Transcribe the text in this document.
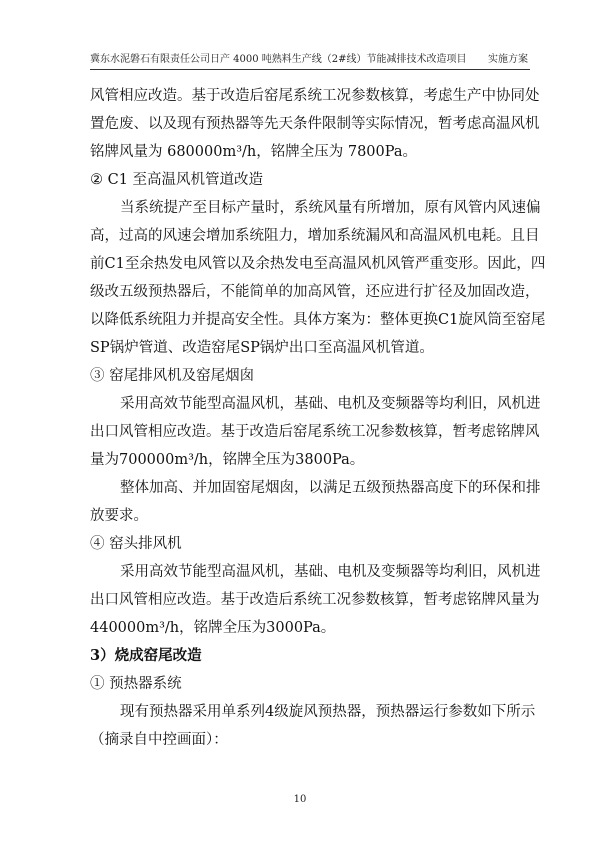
冀东水泥磐石有限责任公司日产 4000 吨熟料生产线（2#线）节能减排技术改造项目 实施方案
风管相应改造。基于改造后窑尾系统工况参数核算，考虑生产中协同处
置危废、以及现有预热器等先天条件限制等实际情况，暂考虑高温风机
铭牌风量为 680000m³/h，铭牌全压为 7800Pa。
② C1 至高温风机管道改造
当系统提产至目标产量时，系统风量有所增加，原有风管内风速偏
高，过高的风速会增加系统阻力，增加系统漏风和高温风机电耗。且目
前C1至余热发电风管以及余热发电至高温风机风管严重变形。因此，四
级改五级预热器后，不能简单的加高风管，还应进行扩径及加固改造，
以降低系统阻力并提高安全性。具体方案为：整体更换C1旋风筒至窑尾
SP锅炉管道、改造窑尾SP锅炉出口至高温风机管道。
③ 窑尾排风机及窑尾烟囱
采用高效节能型高温风机，基础、电机及变频器等均利旧，风机进
出口风管相应改造。基于改造后窑尾系统工况参数核算，暂考虑铭牌风
量为700000m³/h，铭牌全压为3800Pa。
整体加高、并加固窑尾烟囱，以满足五级预热器高度下的环保和排
放要求。
④ 窑头排风机
采用高效节能型高温风机，基础、电机及变频器等均利旧，风机进
出口风管相应改造。基于改造后系统工况参数核算，暂考虑铭牌风量为
440000m³/h，铭牌全压为3000Pa。
3）烧成窑尾改造
① 预热器系统
现有预热器采用单系列4级旋风预热器，预热器运行参数如下所示
（摘录自中控画面）：
10
